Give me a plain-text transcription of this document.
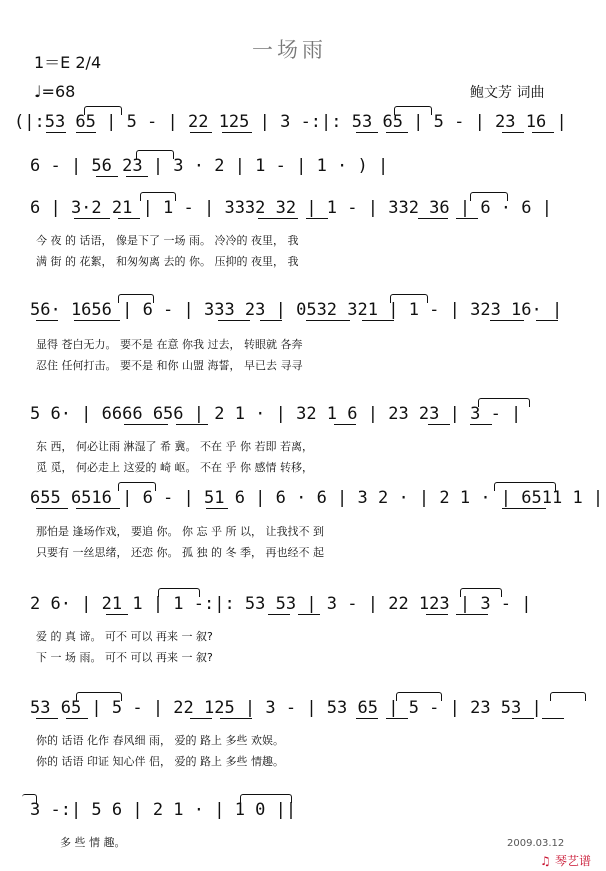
一场雨
1＝E 2/4
♩=68	鲍文芳 词曲
(|:53 65 | 5 - | 22 125 | 3 -:|: 53 65 | 5 - | 23 16 |
6 - | 56 23 | 3 · 2 | 1 - | 1 · ) |
6 | 3·2 21 | 1 - | 3332 32 | 1 - | 332 36 | 6 · 6 |
今 夜 的 话语， 像是下了 一场 雨。 冷冷的 夜里， 我
满 街 的 花絮， 和匆匆离 去的 你。 压抑的 夜里， 我
56· 1656 | 6 - | 333 23 | 0532 321 | 1 - | 323 16· |
显得 苍白无力。 要不是 在意 你我 过去， 转眼就 各奔
忍住 任何打击。 要不是 和你 山盟 海誓， 早已去 寻寻
5 6· | 6666 656 | 2 1 · | 32 1 6 | 23 23 | 3 - |
东 西， 何必让雨 淋湿了 希 冀。 不在 乎 你 若即 若离，
觅 觅， 何必走上 这爱的 崎 岖。 不在 乎 你 感情 转移，
655 6516 | 6 - | 51 6 | 6 · 6 | 3 2 · | 2 1 · | 6511 1 |
那怕是 逢场作戏， 要追 你。 你 忘 乎 所 以， 让我找不 到
只要有 一丝思绪， 还恋 你。 孤 独 的 冬 季， 再也经不 起
2 6· | 21 1 | 1 -:|: 53 53 | 3 - | 22 123 | 3 - |
爱 的 真 谛。 可不 可以 再来 一 叙?
下 一 场 雨。 可不 可以 再来 一 叙?
53 65 | 5 - | 22 125 | 3 - | 53 65 | 5 - | 23 53 |
你的 话语 化作 春风细 雨， 爱的 路上 多些 欢娱。
你的 话语 印证 知心伴 侣， 爱的 路上 多些 情趣。
3 -:| 5 6 | 2 1 · | 1 0 ||
多 些 情 趣。	2009.03.12
♫ 琴艺谱
